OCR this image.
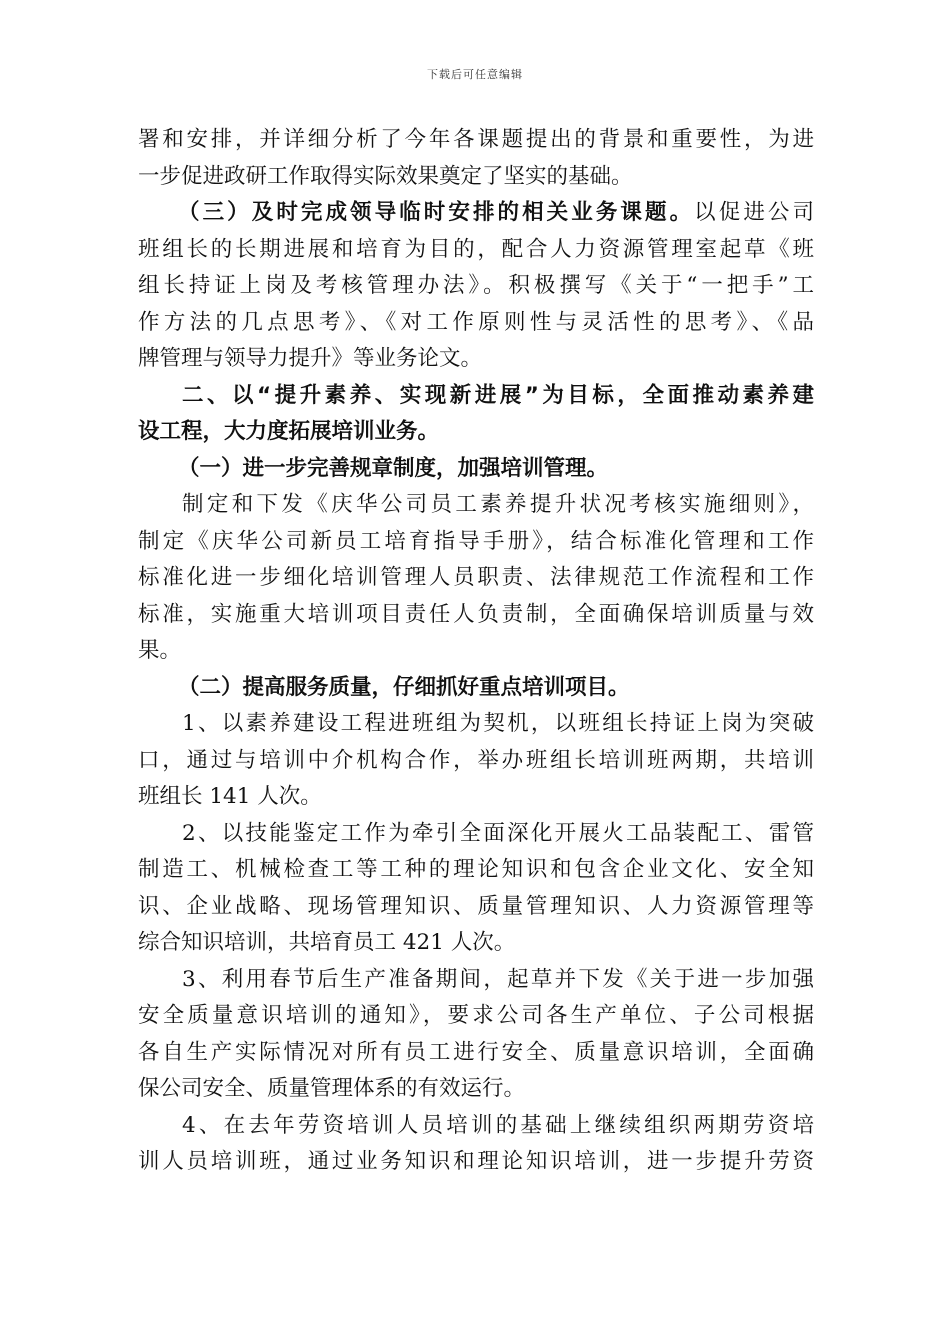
下载后可任意编辑
署和安排，并详细分析了今年各课题提出的背景和重要性，为进
一步促进政研工作取得实际效果奠定了坚实的基础。
（三）及时完成领导临时安排的相关业务课题。以促进公司
班组长的长期进展和培育为目的，配合人力资源管理室起草《班
组长持证上岗及考核管理办法》。积极撰写《关于“一把手”工
作方法的几点思考》、《对工作原则性与灵活性的思考》、《品
牌管理与领导力提升》等业务论文。
二、以“提升素养、实现新进展”为目标，全面推动素养建
设工程，大力度拓展培训业务。
（一）进一步完善规章制度，加强培训管理。
制定和下发《庆华公司员工素养提升状况考核实施细则》，
制定《庆华公司新员工培育指导手册》，结合标准化管理和工作
标准化进一步细化培训管理人员职责、法律规范工作流程和工作
标准，实施重大培训项目责任人负责制，全面确保培训质量与效
果。
（二）提高服务质量，仔细抓好重点培训项目。
1、以素养建设工程进班组为契机，以班组长持证上岗为突破
口，通过与培训中介机构合作，举办班组长培训班两期，共培训
班组长 141 人次。
2、以技能鉴定工作为牵引全面深化开展火工品装配工、雷管
制造工、机械检查工等工种的理论知识和包含企业文化、安全知
识、企业战略、现场管理知识、质量管理知识、人力资源管理等
综合知识培训，共培育员工 421 人次。
3、利用春节后生产准备期间，起草并下发《关于进一步加强
安全质量意识培训的通知》，要求公司各生产单位、子公司根据
各自生产实际情况对所有员工进行安全、质量意识培训，全面确
保公司安全、质量管理体系的有效运行。
4、在去年劳资培训人员培训的基础上继续组织两期劳资培
训人员培训班，通过业务知识和理论知识培训，进一步提升劳资
